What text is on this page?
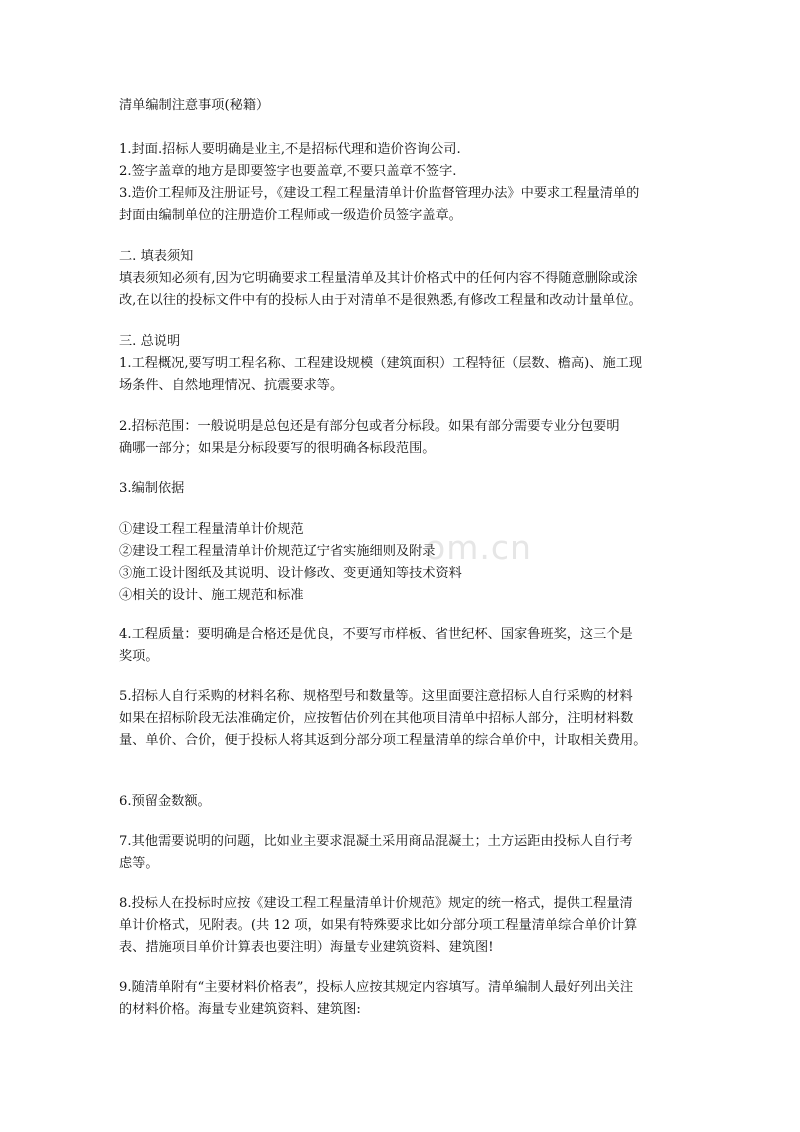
om.cn

清单编制注意事项(秘籍）

1.封面.招标人要明确是业主,不是招标代理和造价咨询公司.
2.签字盖章的地方是即要签字也要盖章,不要只盖章不签字.
3.造价工程师及注册证号，《建设工程工程量清单计价监督管理办法》中要求工程量清单的
封面由编制单位的注册造价工程师或一级造价员签字盖章。

二. 填表须知

填表须知必须有,因为它明确要求工程量清单及其计价格式中的任何内容不得随意删除或涂
改,在以往的投标文件中有的投标人由于对清单不是很熟悉,有修改工程量和改动计量单位。

三. 总说明

1.工程概况,要写明工程名称、工程建设规模（建筑面积）工程特征（层数、檐高)、施工现
场条件、自然地理情况、抗震要求等。

2.招标范围：一般说明是总包还是有部分包或者分标段。如果有部分需要专业分包要明
确哪一部分；如果是分标段要写的很明确各标段范围。

3.编制依据

①建设工程工程量清单计价规范
②建设工程工程量清单计价规范辽宁省实施细则及附录
③施工设计图纸及其说明、设计修改、变更通知等技术资料
④相关的设计、施工规范和标准

4.工程质量：要明确是合格还是优良，不要写市样板、省世纪杯、国家鲁班奖，这三个是
奖项。

5.招标人自行采购的材料名称、规格型号和数量等。这里面要注意招标人自行采购的材料
如果在招标阶段无法准确定价，应按暂估价列在其他项目清单中招标人部分，注明材料数
量、单价、合价，便于投标人将其返到分部分项工程量清单的综合单价中，计取相关费用。

6.预留金数额。

7.其他需要说明的问题，比如业主要求混凝土采用商品混凝土；土方运距由投标人自行考
虑等。

8.投标人在投标时应按《建设工程工程量清单计价规范》规定的统一格式，提供工程量清
单计价格式，见附表。(共 12 项，如果有特殊要求比如分部分项工程量清单综合单价计算
表、措施项目单价计算表也要注明）海量专业建筑资料、建筑图!

9.随清单附有“主要材料价格表”，投标人应按其规定内容填写。清单编制人最好列出关注
的材料价格。海量专业建筑资料、建筑图:
